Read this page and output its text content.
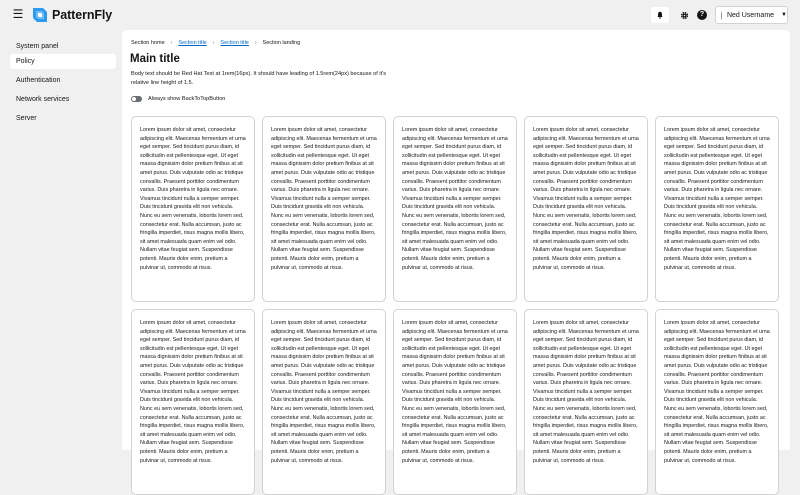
☰ PatternFly	?	Ned Username ▼
System panel
Policy
Authentication
Network services
Server
Section home › Section title › Section title › Section landing
Main title

Body text should be Red Hat Text at 1rem(16px). It should have leading of 1.5rem(24px) because of it's relative line height of 1.5.

Always show BackToTopButton

Lorem ipsum dolor sit amet, consectetur adipiscing elit. Maecenas fermentum et urna eget semper. Sed tincidunt purus diam, id sollicitudin est pellentesque eget. Ut eget massa dignissim dolor pretium finibus at sit amet purus. Duis vulputate odio ac tristique convallis. Praesent porttitor condimentum varius. Duis pharetra in ligula nec ornare. Vivamus tincidunt nulla a semper semper. Duis tincidunt gravida elit non vehicula. Nunc eu sem venenatis, lobortis lorem sed, consectetur erat. Nulla accumsan, justo ac fringilla imperdiet, risus magna mollis libero, sit amet malesuada quam enim vel odio. Nullam vitae feugiat sem. Suspendisse potenti. Mauris dolor enim, pretium a pulvinar ut, commodo at risus.

Lorem ipsum dolor sit amet, consectetur adipiscing elit. Maecenas fermentum et urna eget semper. Sed tincidunt purus diam, id sollicitudin est pellentesque eget. Ut eget massa dignissim dolor pretium finibus at sit amet purus. Duis vulputate odio ac tristique convallis. Praesent porttitor condimentum varius. Duis pharetra in ligula nec ornare. Vivamus tincidunt nulla a semper semper. Duis tincidunt gravida elit non vehicula. Nunc eu sem venenatis, lobortis lorem sed, consectetur erat. Nulla accumsan, justo ac fringilla imperdiet, risus magna mollis libero, sit amet malesuada quam enim vel odio. Nullam vitae feugiat sem. Suspendisse potenti. Mauris dolor enim, pretium a pulvinar ut, commodo at risus.

Lorem ipsum dolor sit amet, consectetur adipiscing elit. Maecenas fermentum et urna eget semper. Sed tincidunt purus diam, id sollicitudin est pellentesque eget. Ut eget massa dignissim dolor pretium finibus at sit amet purus. Duis vulputate odio ac tristique convallis. Praesent porttitor condimentum varius. Duis pharetra in ligula nec ornare. Vivamus tincidunt nulla a semper semper. Duis tincidunt gravida elit non vehicula. Nunc eu sem venenatis, lobortis lorem sed, consectetur erat. Nulla accumsan, justo ac fringilla imperdiet, risus magna mollis libero, sit amet malesuada quam enim vel odio. Nullam vitae feugiat sem. Suspendisse potenti. Mauris dolor enim, pretium a pulvinar ut, commodo at risus.

Lorem ipsum dolor sit amet, consectetur adipiscing elit. Maecenas fermentum et urna eget semper. Sed tincidunt purus diam, id sollicitudin est pellentesque eget. Ut eget massa dignissim dolor pretium finibus at sit amet purus. Duis vulputate odio ac tristique convallis. Praesent porttitor condimentum varius. Duis pharetra in ligula nec ornare. Vivamus tincidunt nulla a semper semper. Duis tincidunt gravida elit non vehicula. Nunc eu sem venenatis, lobortis lorem sed, consectetur erat. Nulla accumsan, justo ac fringilla imperdiet, risus magna mollis libero, sit amet malesuada quam enim vel odio. Nullam vitae feugiat sem. Suspendisse potenti. Mauris dolor enim, pretium a pulvinar ut, commodo at risus.

Lorem ipsum dolor sit amet, consectetur adipiscing elit. Maecenas fermentum et urna eget semper. Sed tincidunt purus diam, id sollicitudin est pellentesque eget. Ut eget massa dignissim dolor pretium finibus at sit amet purus. Duis vulputate odio ac tristique convallis. Praesent porttitor condimentum varius. Duis pharetra in ligula nec ornare. Vivamus tincidunt nulla a semper semper. Duis tincidunt gravida elit non vehicula. Nunc eu sem venenatis, lobortis lorem sed, consectetur erat. Nulla accumsan, justo ac fringilla imperdiet, risus magna mollis libero, sit amet malesuada quam enim vel odio. Nullam vitae feugiat sem. Suspendisse potenti. Mauris dolor enim, pretium a pulvinar ut, commodo at risus.

Lorem ipsum dolor sit amet, consectetur adipiscing elit. Maecenas fermentum et urna eget semper. Sed tincidunt purus diam, id sollicitudin est pellentesque eget. Ut eget massa dignissim dolor pretium finibus at sit amet purus. Duis vulputate odio ac tristique convallis. Praesent porttitor condimentum varius. Duis pharetra in ligula nec ornare. Vivamus tincidunt nulla a semper semper. Duis tincidunt gravida elit non vehicula. Nunc eu sem venenatis, lobortis lorem sed, consectetur erat. Nulla accumsan, justo ac fringilla imperdiet, risus magna mollis libero, sit amet malesuada quam enim vel odio. Nullam vitae feugiat sem. Suspendisse potenti. Mauris dolor enim, pretium a pulvinar ut, commodo at risus.

Lorem ipsum dolor sit amet, consectetur adipiscing elit. Maecenas fermentum et urna eget semper. Sed tincidunt purus diam, id sollicitudin est pellentesque eget. Ut eget massa dignissim dolor pretium finibus at sit amet purus. Duis vulputate odio ac tristique convallis. Praesent porttitor condimentum varius. Duis pharetra in ligula nec ornare. Vivamus tincidunt nulla a semper semper. Duis tincidunt gravida elit non vehicula. Nunc eu sem venenatis, lobortis lorem sed, consectetur erat. Nulla accumsan, justo ac fringilla imperdiet, risus magna mollis libero, sit amet malesuada quam enim vel odio. Nullam vitae feugiat sem. Suspendisse potenti. Mauris dolor enim, pretium a pulvinar ut, commodo at risus.

Lorem ipsum dolor sit amet, consectetur adipiscing elit. Maecenas fermentum et urna eget semper. Sed tincidunt purus diam, id sollicitudin est pellentesque eget. Ut eget massa dignissim dolor pretium finibus at sit amet purus. Duis vulputate odio ac tristique convallis. Praesent porttitor condimentum varius. Duis pharetra in ligula nec ornare. Vivamus tincidunt nulla a semper semper. Duis tincidunt gravida elit non vehicula. Nunc eu sem venenatis, lobortis lorem sed, consectetur erat. Nulla accumsan, justo ac fringilla imperdiet, risus magna mollis libero, sit amet malesuada quam enim vel odio. Nullam vitae feugiat sem. Suspendisse potenti. Mauris dolor enim, pretium a pulvinar ut, commodo at risus.

Lorem ipsum dolor sit amet, consectetur adipiscing elit. Maecenas fermentum et urna eget semper. Sed tincidunt purus diam, id sollicitudin est pellentesque eget. Ut eget massa dignissim dolor pretium finibus at sit amet purus. Duis vulputate odio ac tristique convallis. Praesent porttitor condimentum varius. Duis pharetra in ligula nec ornare. Vivamus tincidunt nulla a semper semper. Duis tincidunt gravida elit non vehicula. Nunc eu sem venenatis, lobortis lorem sed, consectetur erat. Nulla accumsan, justo ac fringilla imperdiet, risus magna mollis libero, sit amet malesuada quam enim vel odio. Nullam vitae feugiat sem. Suspendisse potenti. Mauris dolor enim, pretium a pulvinar ut, commodo at risus.

Lorem ipsum dolor sit amet, consectetur adipiscing elit. Maecenas fermentum et urna eget semper. Sed tincidunt purus diam, id sollicitudin est pellentesque eget. Ut eget massa dignissim dolor pretium finibus at sit amet purus. Duis vulputate odio ac tristique convallis. Praesent porttitor condimentum varius. Duis pharetra in ligula nec ornare. Vivamus tincidunt nulla a semper semper. Duis tincidunt gravida elit non vehicula. Nunc eu sem venenatis, lobortis lorem sed, consectetur erat. Nulla accumsan, justo ac fringilla imperdiet, risus magna mollis libero, sit amet malesuada quam enim vel odio. Nullam vitae feugiat sem. Suspendisse potenti. Mauris dolor enim, pretium a pulvinar ut, commodo at risus.
